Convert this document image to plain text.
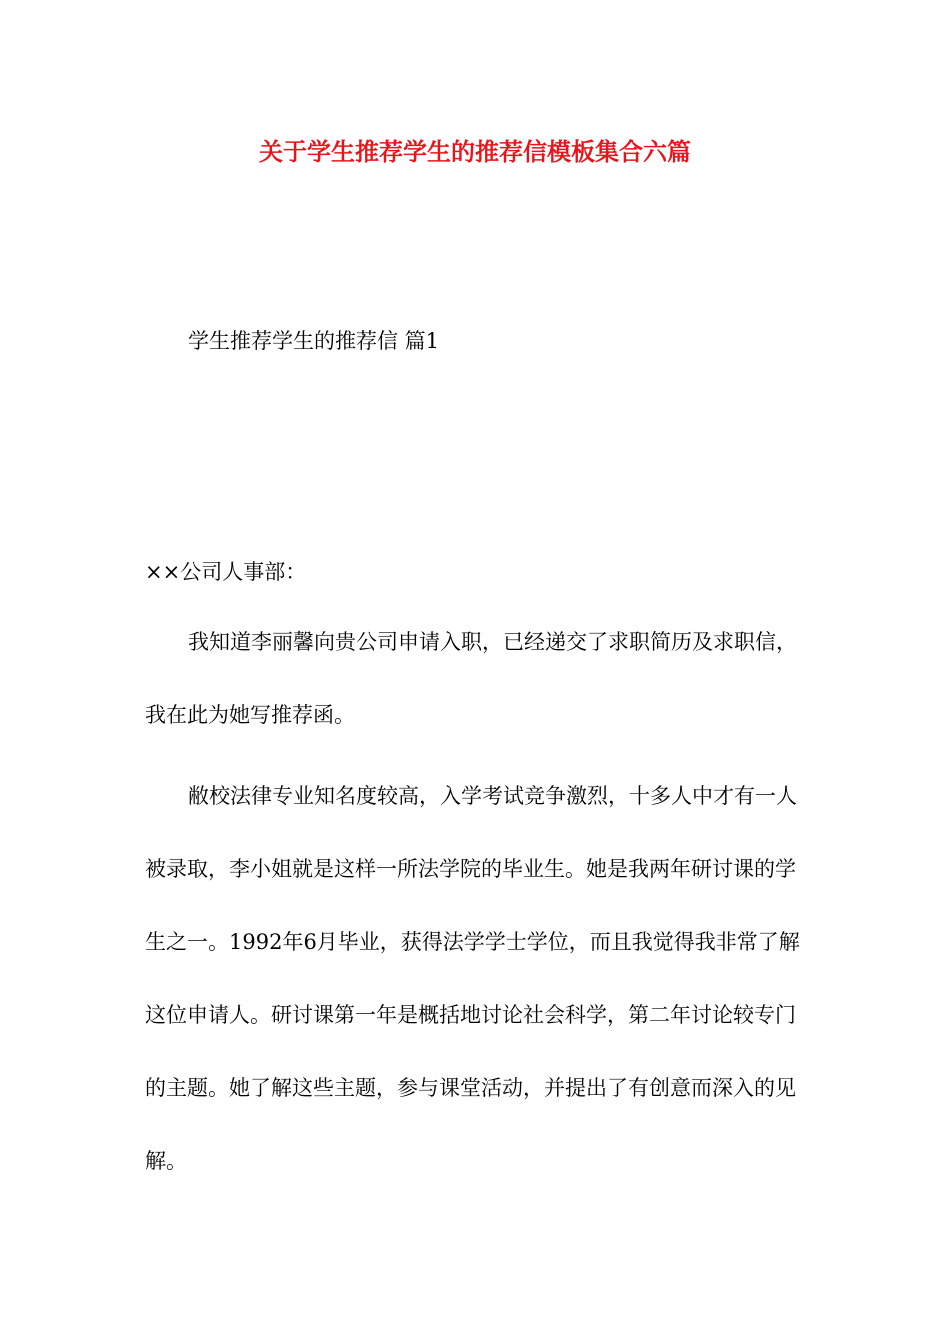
关于学生推荐学生的推荐信模板集合六篇
学生推荐学生的推荐信 篇1
××公司人事部：

我知道李丽馨向贵公司申请入职，已经递交了求职简历及求职信，我在此为她写推荐函。

敝校法律专业知名度较高，入学考试竞争激烈，十多人中才有一人被录取，李小姐就是这样一所法学院的毕业生。她是我两年研讨课的学生之一。1992年6月毕业，获得法学学士学位，而且我觉得我非常了解这位申请人。研讨课第一年是概括地讨论社会科学，第二年讨论较专门的主题。她了解这些主题，参与课堂活动，并提出了有创意而深入的见解。
